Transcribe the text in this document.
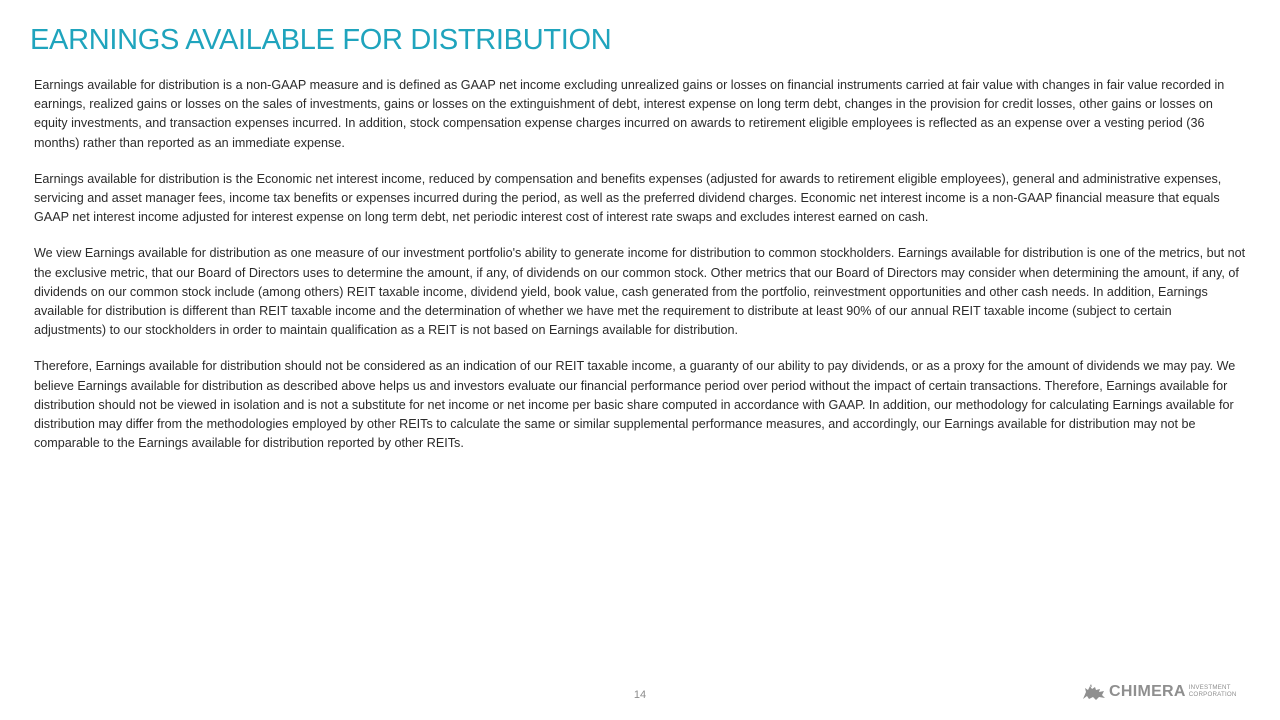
EARNINGS AVAILABLE FOR DISTRIBUTION

Earnings available for distribution is a non-GAAP measure and is defined as GAAP net income excluding unrealized gains or losses on financial instruments carried at fair value with changes in fair value recorded in earnings, realized gains or losses on the sales of investments, gains or losses on the extinguishment of debt, interest expense on long term debt, changes in the provision for credit losses, other gains or losses on equity investments, and transaction expenses incurred. In addition, stock compensation expense charges incurred on awards to retirement eligible employees is reflected as an expense over a vesting period (36 months) rather than reported as an immediate expense.

Earnings available for distribution is the Economic net interest income, reduced by compensation and benefits expenses (adjusted for awards to retirement eligible employees), general and administrative expenses, servicing and asset manager fees, income tax benefits or expenses incurred during the period, as well as the preferred dividend charges. Economic net interest income is a non-GAAP financial measure that equals GAAP net interest income adjusted for interest expense on long term debt, net periodic interest cost of interest rate swaps and excludes interest earned on cash.

We view Earnings available for distribution as one measure of our investment portfolio's ability to generate income for distribution to common stockholders. Earnings available for distribution is one of the metrics, but not the exclusive metric, that our Board of Directors uses to determine the amount, if any, of dividends on our common stock. Other metrics that our Board of Directors may consider when determining the amount, if any, of dividends on our common stock include (among others) REIT taxable income, dividend yield, book value, cash generated from the portfolio, reinvestment opportunities and other cash needs. In addition, Earnings available for distribution is different than REIT taxable income and the determination of whether we have met the requirement to distribute at least 90% of our annual REIT taxable income (subject to certain adjustments) to our stockholders in order to maintain qualification as a REIT is not based on Earnings available for distribution.

Therefore, Earnings available for distribution should not be considered as an indication of our REIT taxable income, a guaranty of our ability to pay dividends, or as a proxy for the amount of dividends we may pay. We believe Earnings available for distribution as described above helps us and investors evaluate our financial performance period over period without the impact of certain transactions. Therefore, Earnings available for distribution should not be viewed in isolation and is not a substitute for net income or net income per basic share computed in accordance with GAAP. In addition, our methodology for calculating Earnings available for distribution may differ from the methodologies employed by other REITs to calculate the same or similar supplemental performance measures, and accordingly, our Earnings available for distribution may not be comparable to the Earnings available for distribution reported by other REITs.

14	CHIMERA INVESTMENT
CORPORATION
